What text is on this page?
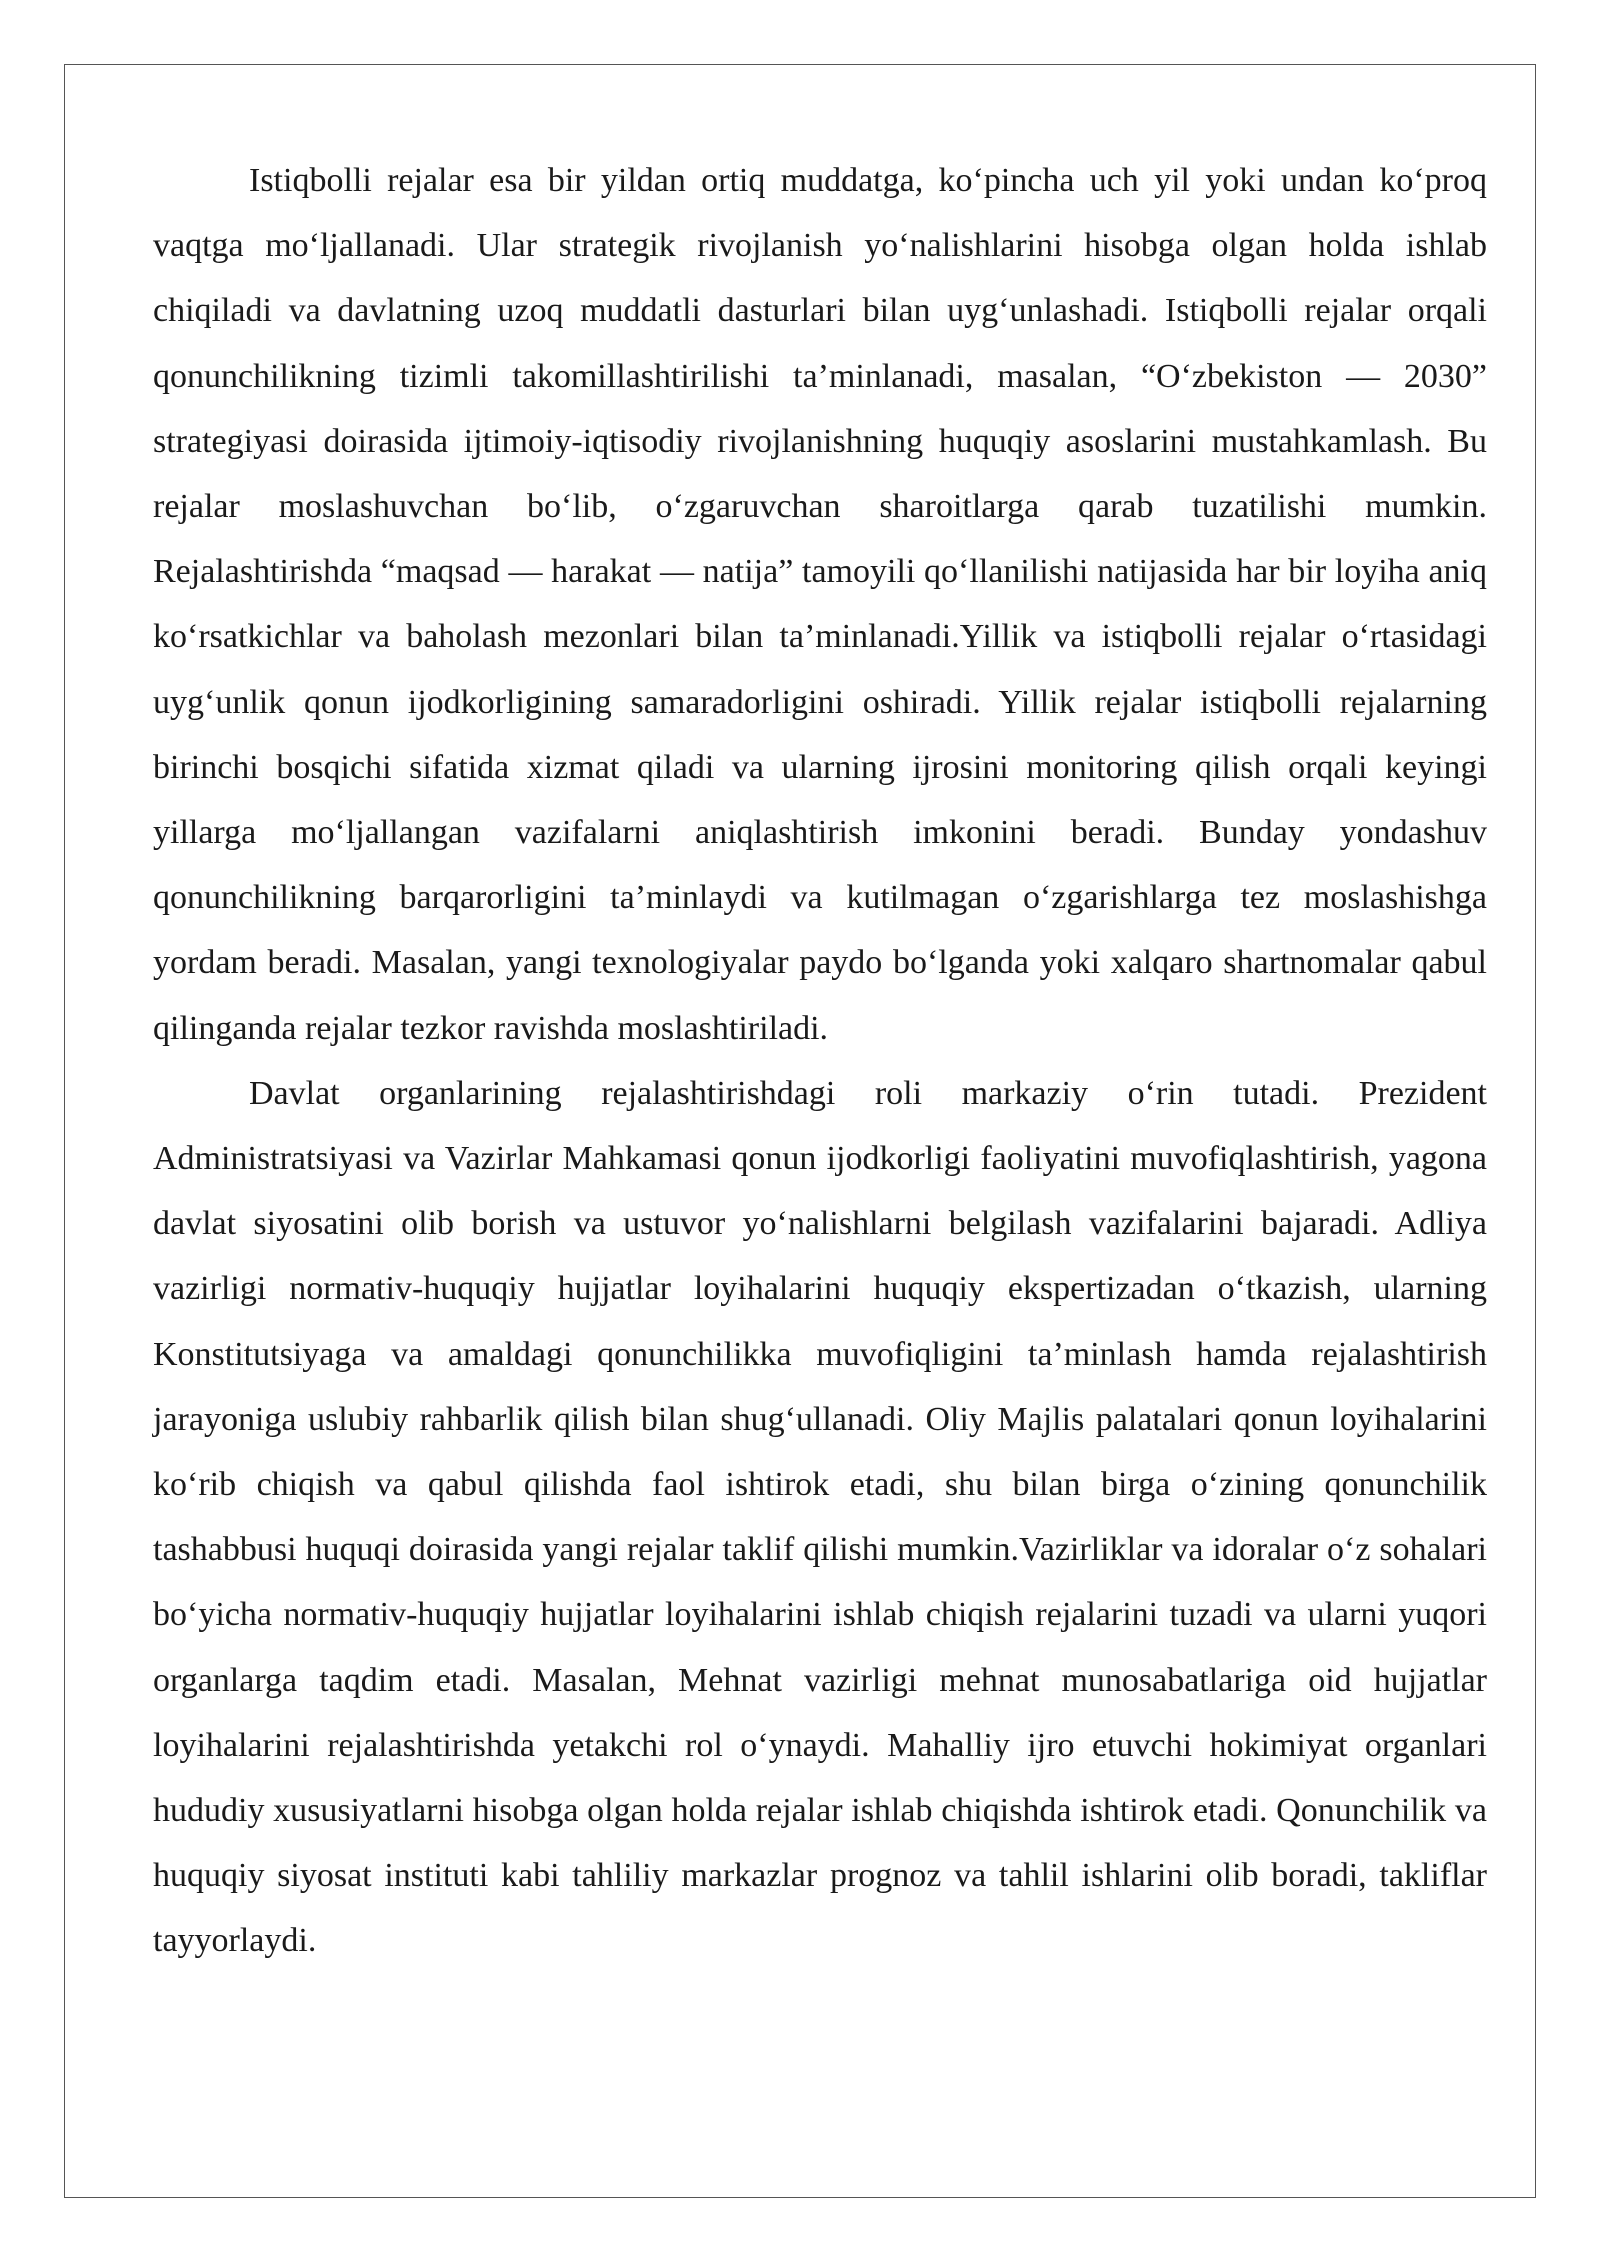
Istiqbolli rejalar esa bir yildan ortiq muddatga, ko‘pincha uch yil yoki undan ko‘proq vaqtga mo‘ljallanadi. Ular strategik rivojlanish yo‘nalishlarini hisobga olgan holda ishlab chiqiladi va davlatning uzoq muddatli dasturlari bilan uyg‘unlashadi. Istiqbolli rejalar orqali qonunchilikning tizimli takomillashtirilishi ta’minlanadi, masalan, “O‘zbekiston — 2030” strategiyasi doirasida ijtimoiy-iqtisodiy rivojlanishning huquqiy asoslarini mustahkamlash. Bu rejalar moslashuvchan bo‘lib, o‘zgaruvchan sharoitlarga qarab tuzatilishi mumkin. Rejalashtirishda “maqsad — harakat — natija” tamoyili qo‘llanilishi natijasida har bir loyiha aniq ko‘rsatkichlar va baholash mezonlari bilan ta’minlanadi.Yillik va istiqbolli rejalar o‘rtasidagi uyg‘unlik qonun ijodkorligining samaradorligini oshiradi. Yillik rejalar istiqbolli rejalarning birinchi bosqichi sifatida xizmat qiladi va ularning ijrosini monitoring qilish orqali keyingi yillarga mo‘ljallangan vazifalarni aniqlashtirish imkonini beradi. Bunday yondashuv qonunchilikning barqarorligini ta’minlaydi va kutilmagan o‘zgarishlarga tez moslashishga yordam beradi. Masalan, yangi texnologiyalar paydo bo‘lganda yoki xalqaro shartnomalar qabul qilinganda rejalar tezkor ravishda moslashtiriladi.

Davlat organlarining rejalashtirishdagi roli markaziy o‘rin tutadi. Prezident Administratsiyasi va Vazirlar Mahkamasi qonun ijodkorligi faoliyatini muvofiqlashtirish, yagona davlat siyosatini olib borish va ustuvor yo‘nalishlarni belgilash vazifalarini bajaradi. Adliya vazirligi normativ-huquqiy hujjatlar loyihalarini huquqiy ekspertizadan o‘tkazish, ularning Konstitutsiyaga va amaldagi qonunchilikka muvofiqligini ta’minlash hamda rejalashtirish jarayoniga uslubiy rahbarlik qilish bilan shug‘ullanadi. Oliy Majlis palatalari qonun loyihalarini ko‘rib chiqish va qabul qilishda faol ishtirok etadi, shu bilan birga o‘zining qonunchilik tashabbusi huquqi doirasida yangi rejalar taklif qilishi mumkin.Vazirliklar va idoralar o‘z sohalari bo‘yicha normativ-huquqiy hujjatlar loyihalarini ishlab chiqish rejalarini tuzadi va ularni yuqori organlarga taqdim etadi. Masalan, Mehnat vazirligi mehnat munosabatlariga oid hujjatlar loyihalarini rejalashtirishda yetakchi rol o‘ynaydi. Mahalliy ijro etuvchi hokimiyat organlari hududiy xususiyatlarni hisobga olgan holda rejalar ishlab chiqishda ishtirok etadi. Qonunchilik va huquqiy siyosat instituti kabi tahliliy markazlar prognoz va tahlil ishlarini olib boradi, takliflar tayyorlaydi.
